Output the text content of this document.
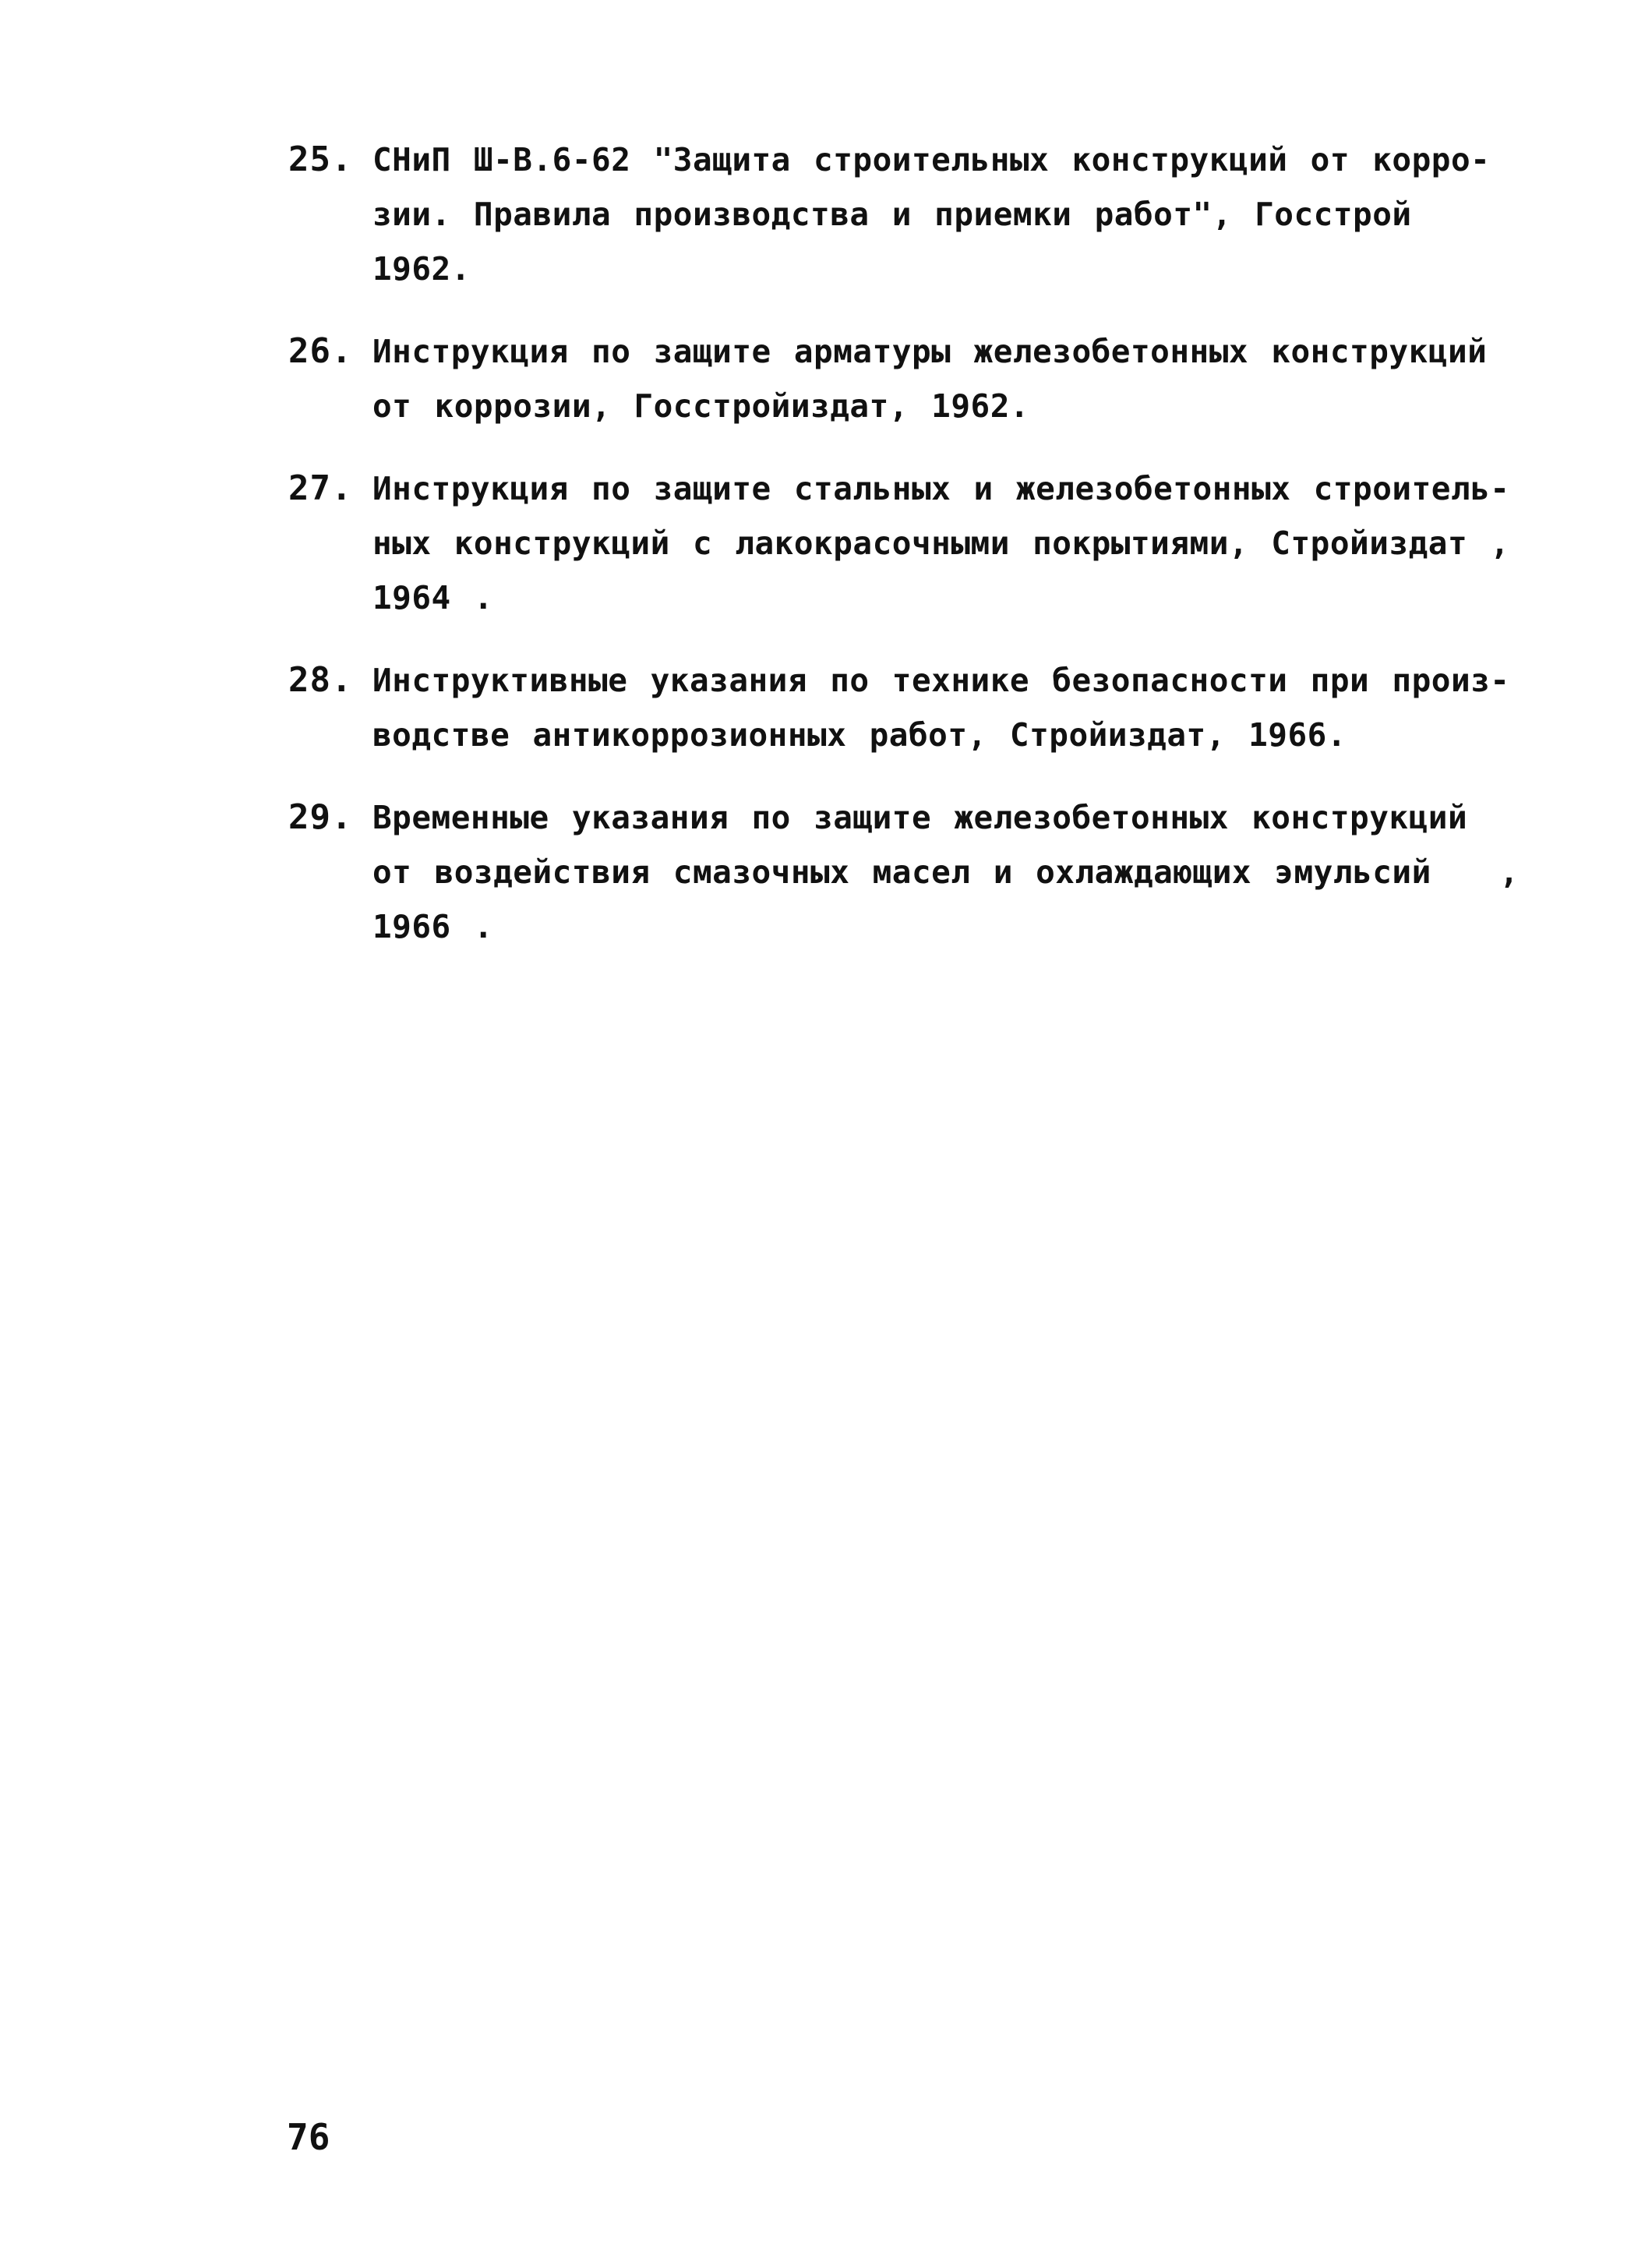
25. СНиП Ш-В.6-62 "Защита строительных конструкций от корро-
зии. Правила производства и приемки работ", Госстрой
1962.
26. Инструкция по защите арматуры железобетонных конструкций
от коррозии, Госстройиздат, 1962.
27. Инструкция по защите стальных и железобетонных строитель-
ных конструкций с лакокрасочными покрытиями, Стройиздат ,
1964 .
28. Инструктивные указания по технике безопасности при произ-
водстве антикоррозионных работ, Стройиздат, 1966.
29. Временные указания по защите железобетонных конструкций
от воздействия смазочных масел и охлаждающих эмульсий   ,
1966 .
76
